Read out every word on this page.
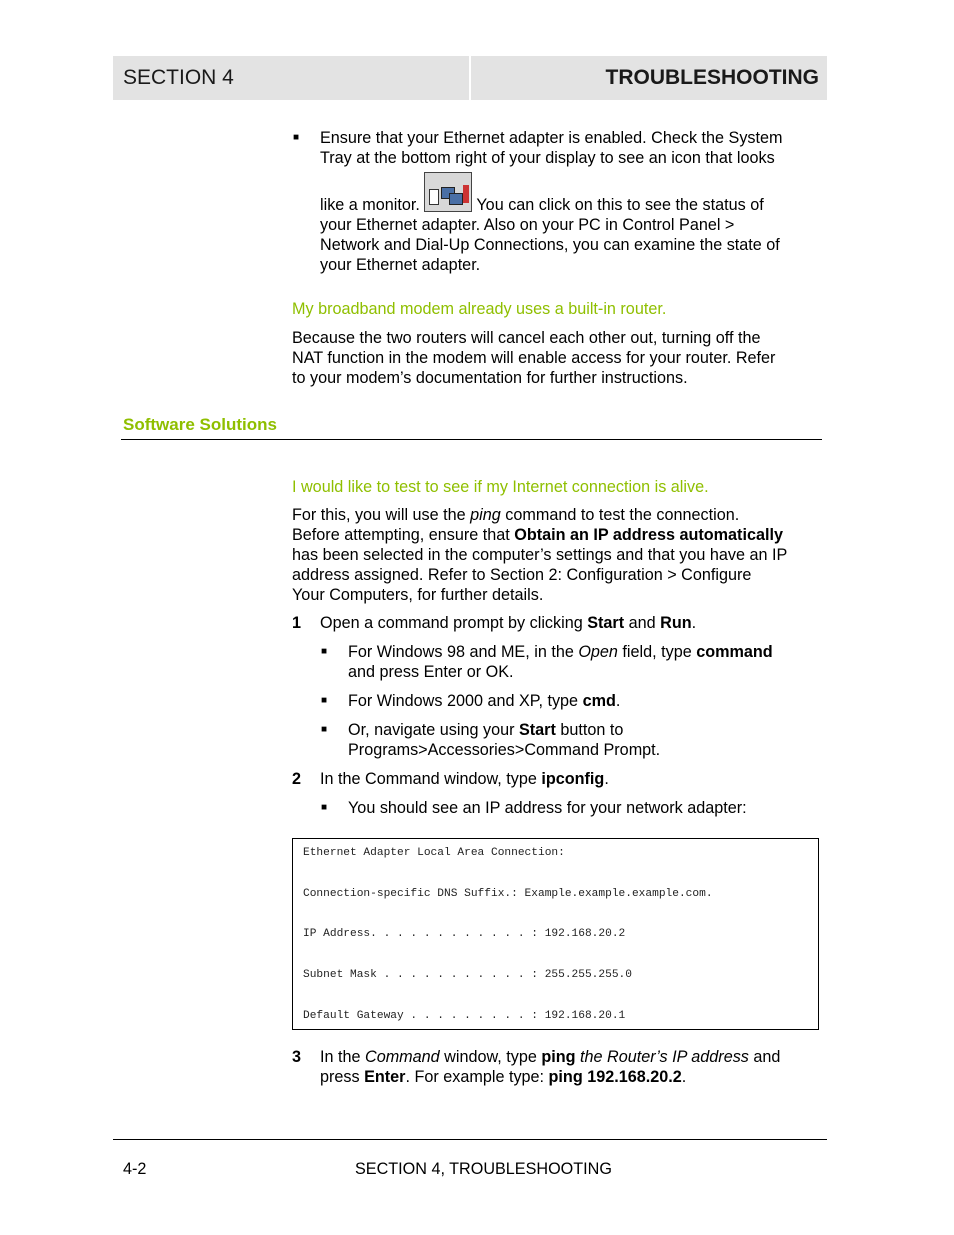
SECTION 4	TROUBLESHOOTING
■ Ensure that your Ethernet adapter is enabled. Check the System
Tray at the bottom right of your display to see an icon that looks
like a monitor.	You can click on this to see the status of
your Ethernet adapter. Also on your PC in Control Panel >
Network and Dial-Up Connections, you can examine the state of
your Ethernet adapter.
My broadband modem already uses a built-in router.
Because the two routers will cancel each other out, turning off the
NAT function in the modem will enable access for your router. Refer
to your modem’s documentation for further instructions.
Software Solutions
I would like to test to see if my Internet connection is alive.
For this, you will use the ping command to test the connection.
Before attempting, ensure that Obtain an IP address automatically
has been selected in the computer’s settings and that you have an IP
address assigned. Refer to Section 2: Configuration > Configure
Your Computers, for further details.
1 Open a command prompt by clicking Start and Run.
■ For Windows 98 and ME, in the Open field, type command
and press Enter or OK.
■ For Windows 2000 and XP, type cmd.
■ Or, navigate using your Start button to
Programs>Accessories>Command Prompt.
2 In the Command window, type ipconfig.
■ You should see an IP address for your network adapter:
Ethernet Adapter Local Area Connection:
Connection-specific DNS Suffix.: Example.example.example.com.
IP Address. . . . . . . . . . . . : 192.168.20.2
Subnet Mask . . . . . . . . . . . : 255.255.255.0
Default Gateway . . . . . . . . . : 192.168.20.1
3 In the Command window, type ping the Router’s IP address and
press Enter. For example type: ping 192.168.20.2.
4-2	SECTION 4, TROUBLESHOOTING
